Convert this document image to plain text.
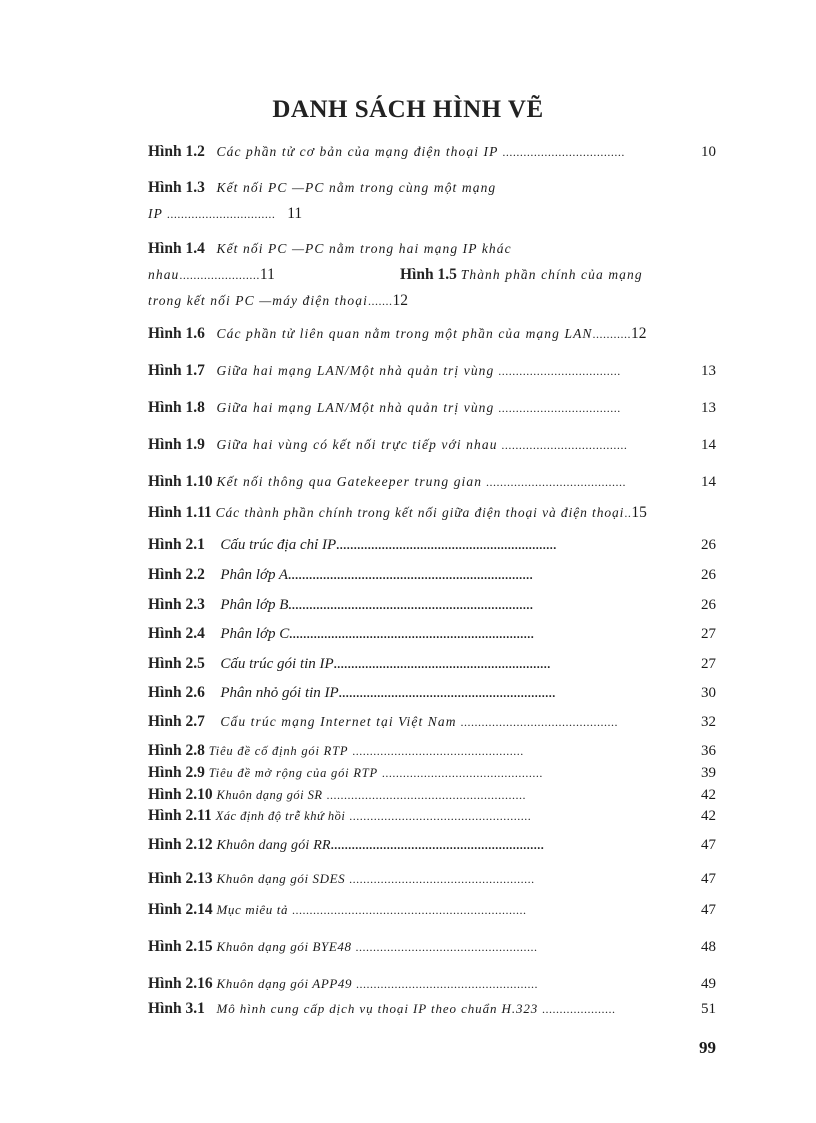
DANH SÁCH HÌNH VẼ
Hình 1.2 Các phần tử cơ bản của mạng điện thoại IP ...................................	10
Hình 1.3 Kết nối PC —PC nằm trong cùng một mạng
IP ............................... 11
Hình 1.4 Kết nối PC —PC nằm trong hai mạng IP khác
nhau.......................11	Hình 1.5 Thành phần chính của mạng
trong kết nối PC —máy điện thoại.......12
Hình 1.6 Các phần tử liên quan nằm trong một phần của mạng LAN...........12
Hình 1.7 Giữa hai mạng LAN/Một nhà quản trị vùng ...................................	13
Hình 1.8 Giữa hai mạng LAN/Một nhà quản trị vùng ...................................	13
Hình 1.9 Giữa hai vùng có kết nối trực tiếp với nhau ....................................	14
Hình 1.10 Kết nối thông qua Gatekeeper trung gian ........................................	14
Hình 1.11 Các thành phần chính trong kết nối giữa điện thoại và điện thoại..15
Hình 2.1 Cấu trúc địa chỉ IP...............................................................	26
Hình 2.2 Phân lớp A......................................................................	26
Hình 2.3 Phân lớp B......................................................................	26
Hình 2.4 Phân lớp C......................................................................	27
Hình 2.5 Cấu trúc gói tin IP..............................................................	27
Hình 2.6 Phân nhỏ gói tin IP..............................................................	30
Hình 2.7 Cấu trúc mạng Internet tại Việt Nam .............................................	32
Hình 2.8 Tiêu đề cố định gói RTP .................................................	36
Hình 2.9 Tiêu đề mở rộng của gói RTP ..............................................	39
Hình 2.10 Khuôn dạng gói SR .........................................................	42
Hình 2.11 Xác định độ trễ khứ hồi ....................................................	42
Hình 2.12 Khuôn dang gói RR.............................................................	47
Hình 2.13 Khuôn dạng gói SDES .....................................................	47
Hình 2.14 Mục miêu tả ...................................................................	47
Hình 2.15 Khuôn dạng gói BYE48 ....................................................	48
Hình 2.16 Khuôn dạng gói APP49 ....................................................	49
Hình 3.1 Mô hình cung cấp dịch vụ thoại IP theo chuẩn H.323 .....................	51
99
